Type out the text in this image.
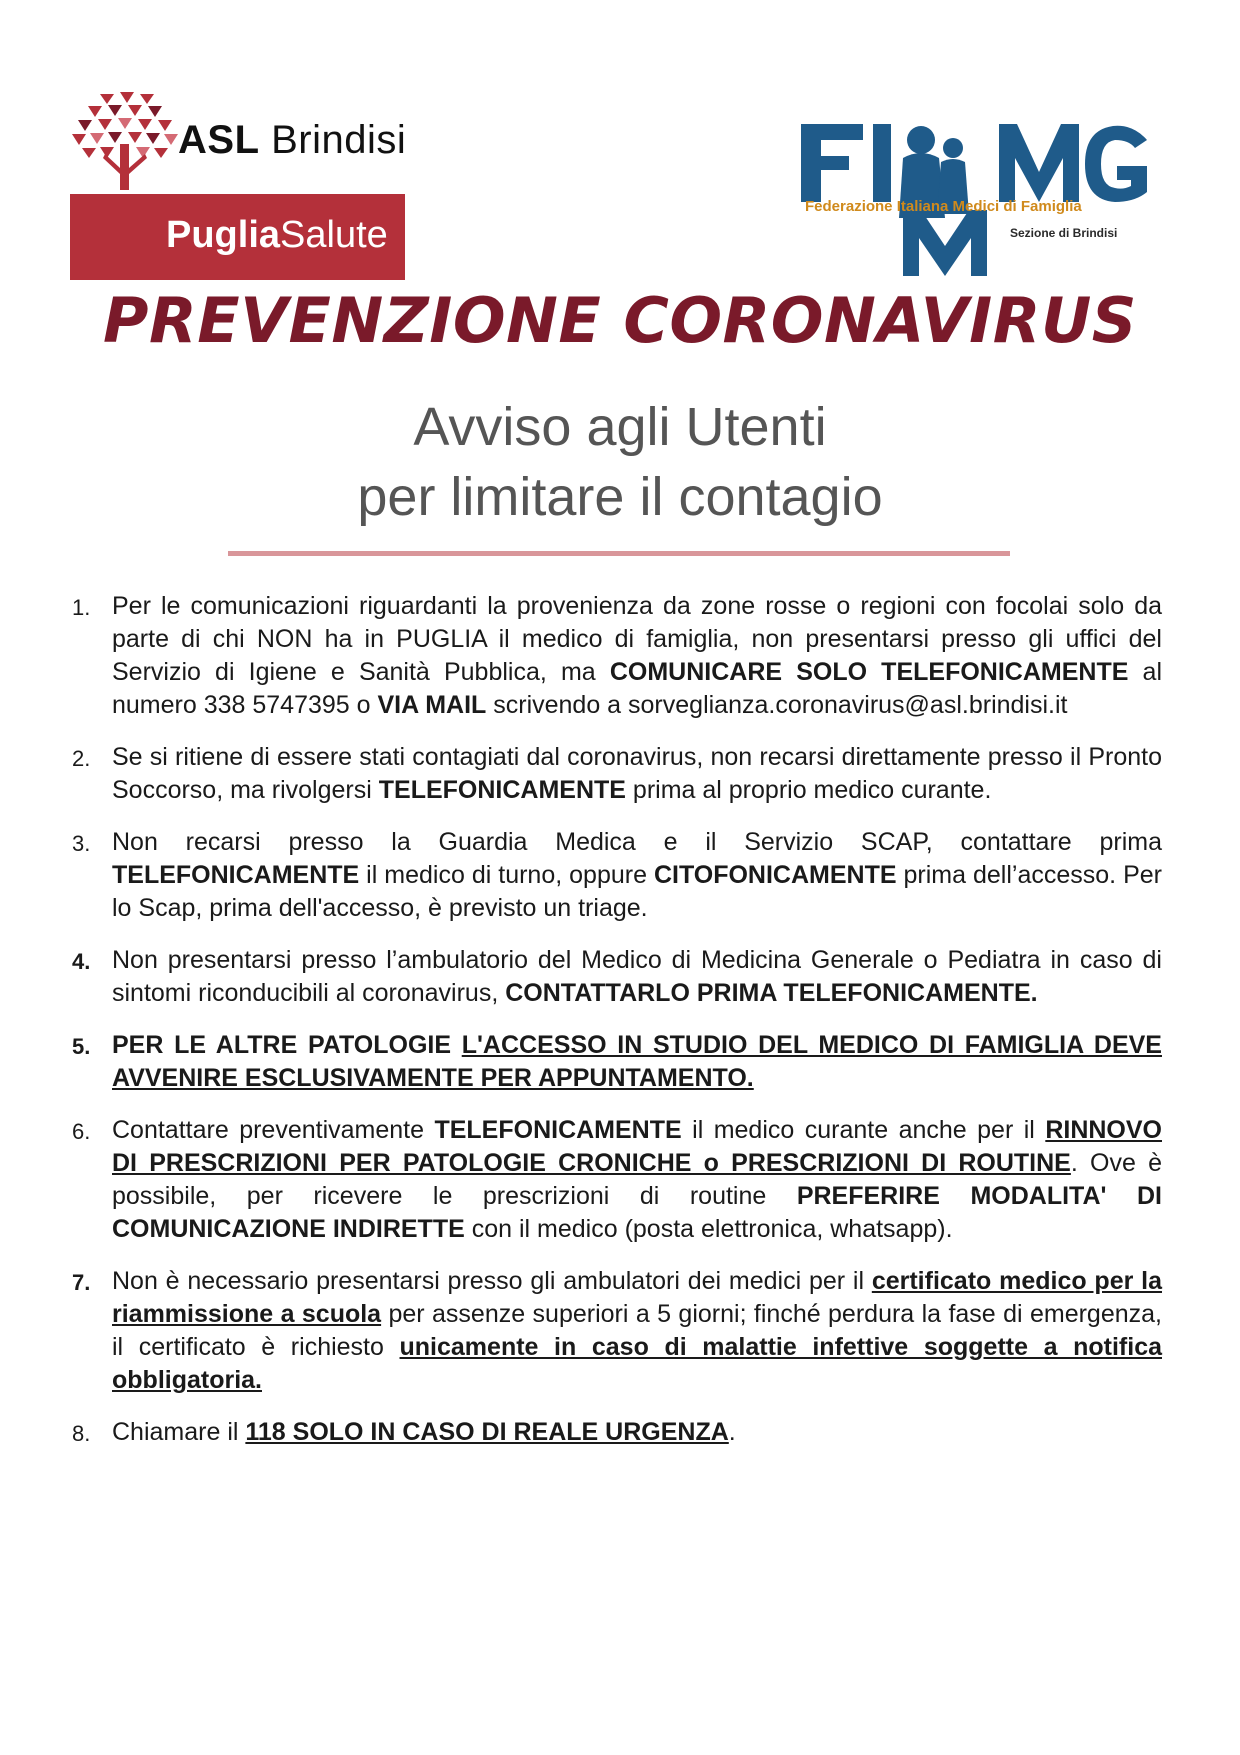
ASL Brindisi
PugliaSalute
Federazione Italiana Medici di Famiglia
Sezione di Brindisi
PREVENZIONE CORONAVIRUS
Avviso agli Utenti
per limitare il contagio
1. Per le comunicazioni riguardanti la provenienza da zone rosse o regioni con focolai solo da parte di chi NON ha in PUGLIA il medico di famiglia, non presentarsi presso gli uffici del Servizio di Igiene e Sanità Pubblica, ma COMUNICARE SOLO TELEFONICAMENTE al numero 338 5747395 o VIA MAIL scrivendo a sorveglianza.coronavirus@asl.brindisi.it
2. Se si ritiene di essere stati contagiati dal coronavirus, non recarsi direttamente presso il Pronto Soccorso, ma rivolgersi TELEFONICAMENTE prima al proprio medico curante.
3. Non recarsi presso la Guardia Medica e il Servizio SCAP, contattare prima TELEFONICAMENTE il medico di turno, oppure CITOFONICAMENTE prima dell’accesso. Per lo Scap, prima dell'accesso, è previsto un triage.
4. Non presentarsi presso l’ambulatorio del Medico di Medicina Generale o Pediatra in caso di sintomi riconducibili al coronavirus, CONTATTARLO PRIMA TELEFONICAMENTE.
5. PER LE ALTRE PATOLOGIE L'ACCESSO IN STUDIO DEL MEDICO DI FAMIGLIA DEVE AVVENIRE ESCLUSIVAMENTE PER APPUNTAMENTO.
6. Contattare preventivamente TELEFONICAMENTE il medico curante anche per il RINNOVO DI PRESCRIZIONI PER PATOLOGIE CRONICHE o PRESCRIZIONI DI ROUTINE. Ove è possibile, per ricevere le prescrizioni di routine PREFERIRE MODALITA' DI COMUNICAZIONE INDIRETTE con il medico (posta elettronica, whatsapp).
7. Non è necessario presentarsi presso gli ambulatori dei medici per il certificato medico per la riammissione a scuola per assenze superiori a 5 giorni; finché perdura la fase di emergenza, il certificato è richiesto unicamente in caso di malattie infettive soggette a notifica obbligatoria.
8. Chiamare il 118 SOLO IN CASO DI REALE URGENZA.
